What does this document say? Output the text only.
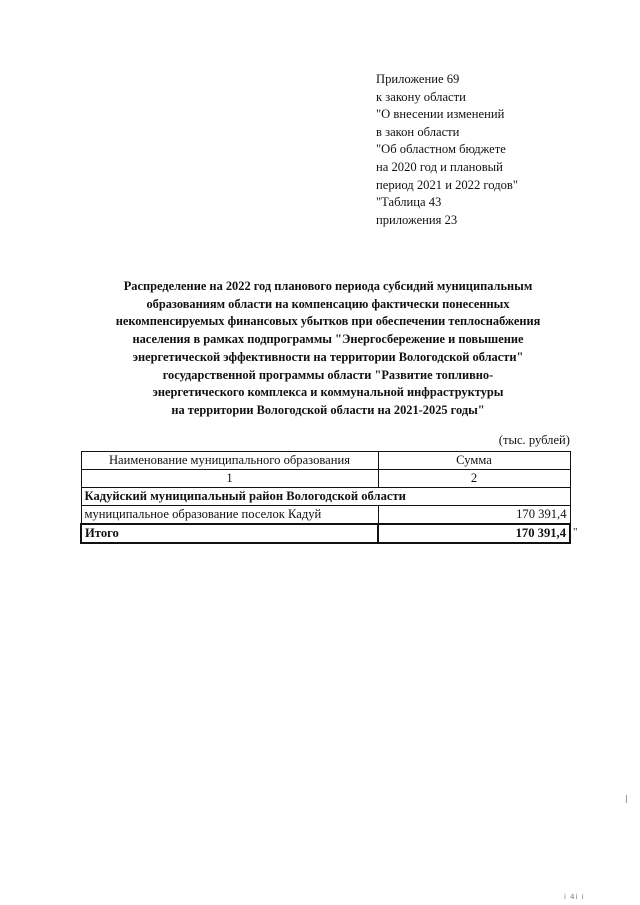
Приложение 69
к закону области
"О внесении изменений
в закон области
"Об областном бюджете
на 2020 год и плановый
период 2021 и 2022 годов"
"Таблица 43
приложения 23
Распределение на 2022 год планового периода субсидий муниципальным
образованиям области на компенсацию фактически понесенных
некомпенсируемых финансовых убытков при обеспечении теплоснабжения
населения в рамках подпрограммы "Энергосбережение и повышение
энергетической эффективности на территории Вологодской области"
государственной программы области "Развитие топливно-
энергетического комплекса и коммунальной инфраструктуры
на территории Вологодской области на 2021-2025 годы"
(тыс. рублей)
Наименование муниципального образования	Сумма
1	2
Кадуйский муниципальный район Вологодской области	
муниципальное образование поселок Кадуй	170 391,4
Итого	170 391,4 "
i 4i i
